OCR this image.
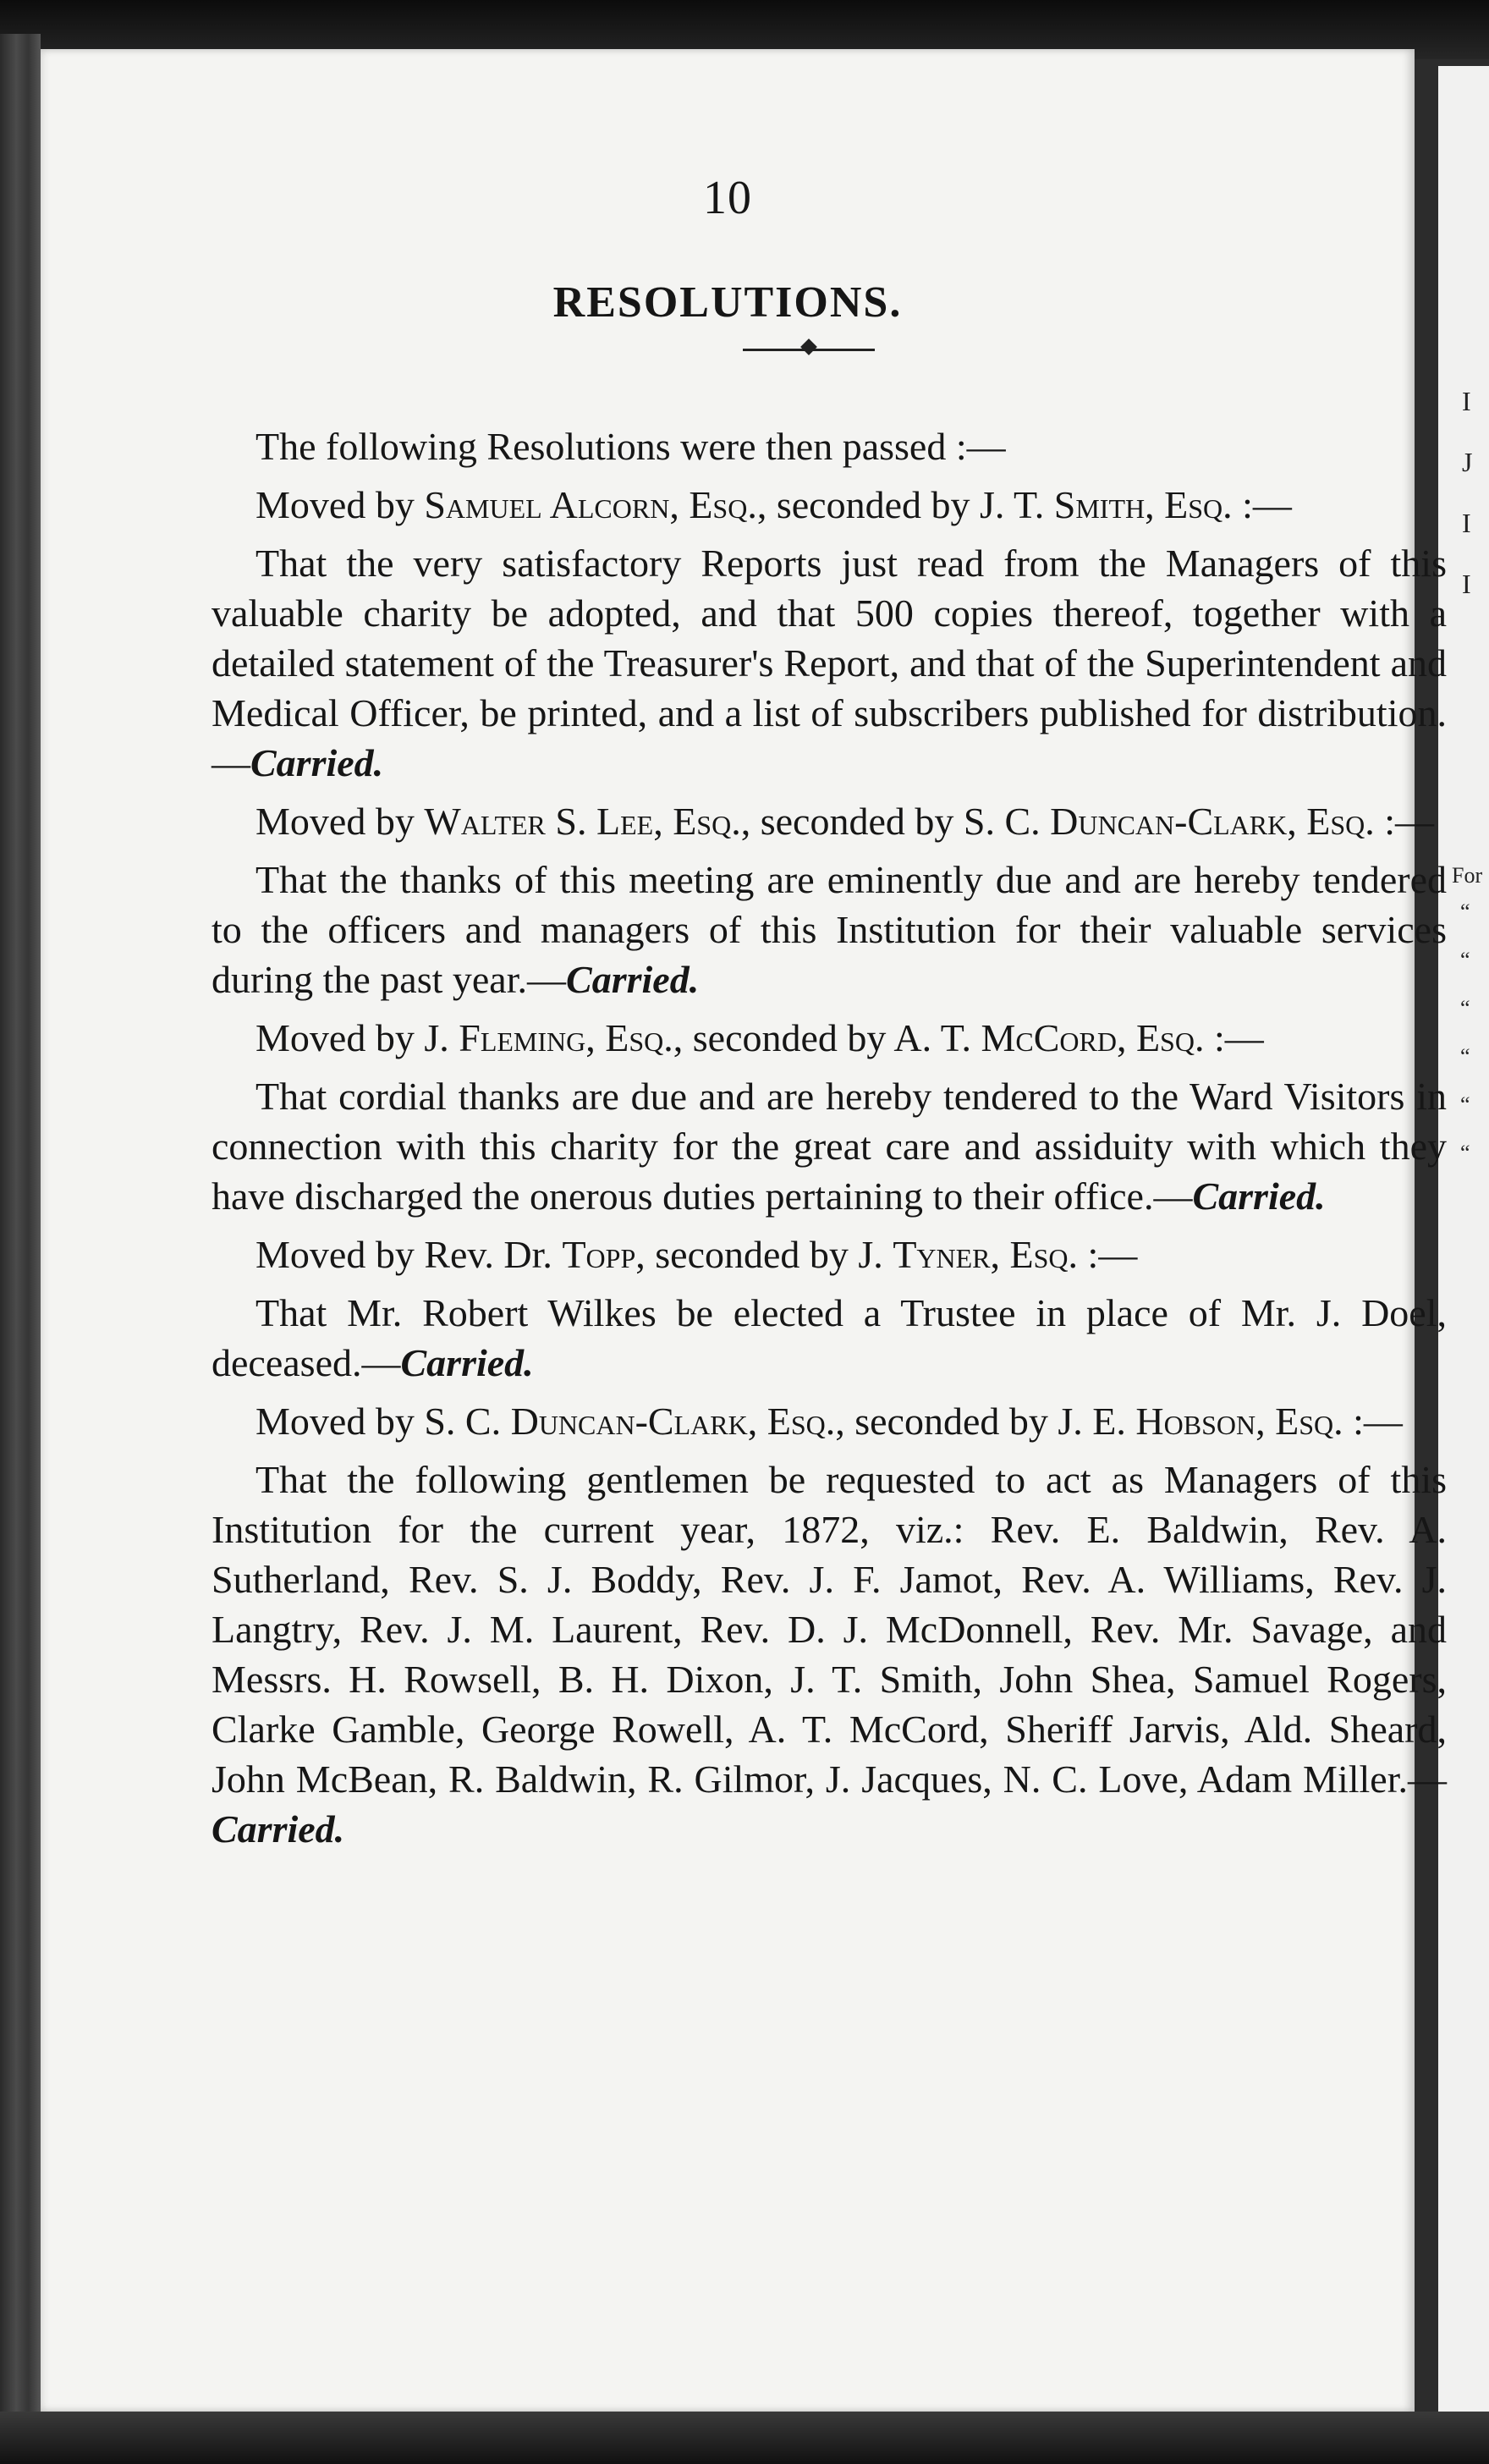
I
J
I
I
For
“
“
“
“
“
“
10
RESOLUTIONS.

The following Resolutions were then passed :—

Moved by Samuel Alcorn, Esq., seconded by J. T. Smith, Esq. :—

That the very satisfactory Reports just read from the Managers of this valuable charity be adopted, and that 500 copies thereof, together with a detailed statement of the Treasurer's Report, and that of the Superintendent and Medical Officer, be printed, and a list of subscribers published for distribution.—Carried.

Moved by Walter S. Lee, Esq., seconded by S. C. Duncan-Clark, Esq. :—

That the thanks of this meeting are eminently due and are hereby tendered to the officers and managers of this Institution for their valuable services during the past year.—Carried.

Moved by J. Fleming, Esq., seconded by A. T. McCord, Esq. :—

That cordial thanks are due and are hereby tendered to the Ward Visitors in connection with this charity for the great care and assiduity with which they have discharged the onerous duties pertaining to their office.—Carried.

Moved by Rev. Dr. Topp, seconded by J. Tyner, Esq. :—

That Mr. Robert Wilkes be elected a Trustee in place of Mr. J. Doel, deceased.—Carried.

Moved by S. C. Duncan-Clark, Esq., seconded by J. E. Hobson, Esq. :—

That the following gentlemen be requested to act as Managers of this Institution for the current year, 1872, viz.: Rev. E. Baldwin, Rev. A. Sutherland, Rev. S. J. Boddy, Rev. J. F. Jamot, Rev. A. Williams, Rev. J. Langtry, Rev. J. M. Laurent, Rev. D. J. McDonnell, Rev. Mr. Savage, and Messrs. H. Rowsell, B. H. Dixon, J. T. Smith, John Shea, Samuel Rogers, Clarke Gamble, George Rowell, A. T. McCord, Sheriff Jarvis, Ald. Sheard, John McBean, R. Baldwin, R. Gilmor, J. Jacques, N. C. Love, Adam Miller.—Carried.
